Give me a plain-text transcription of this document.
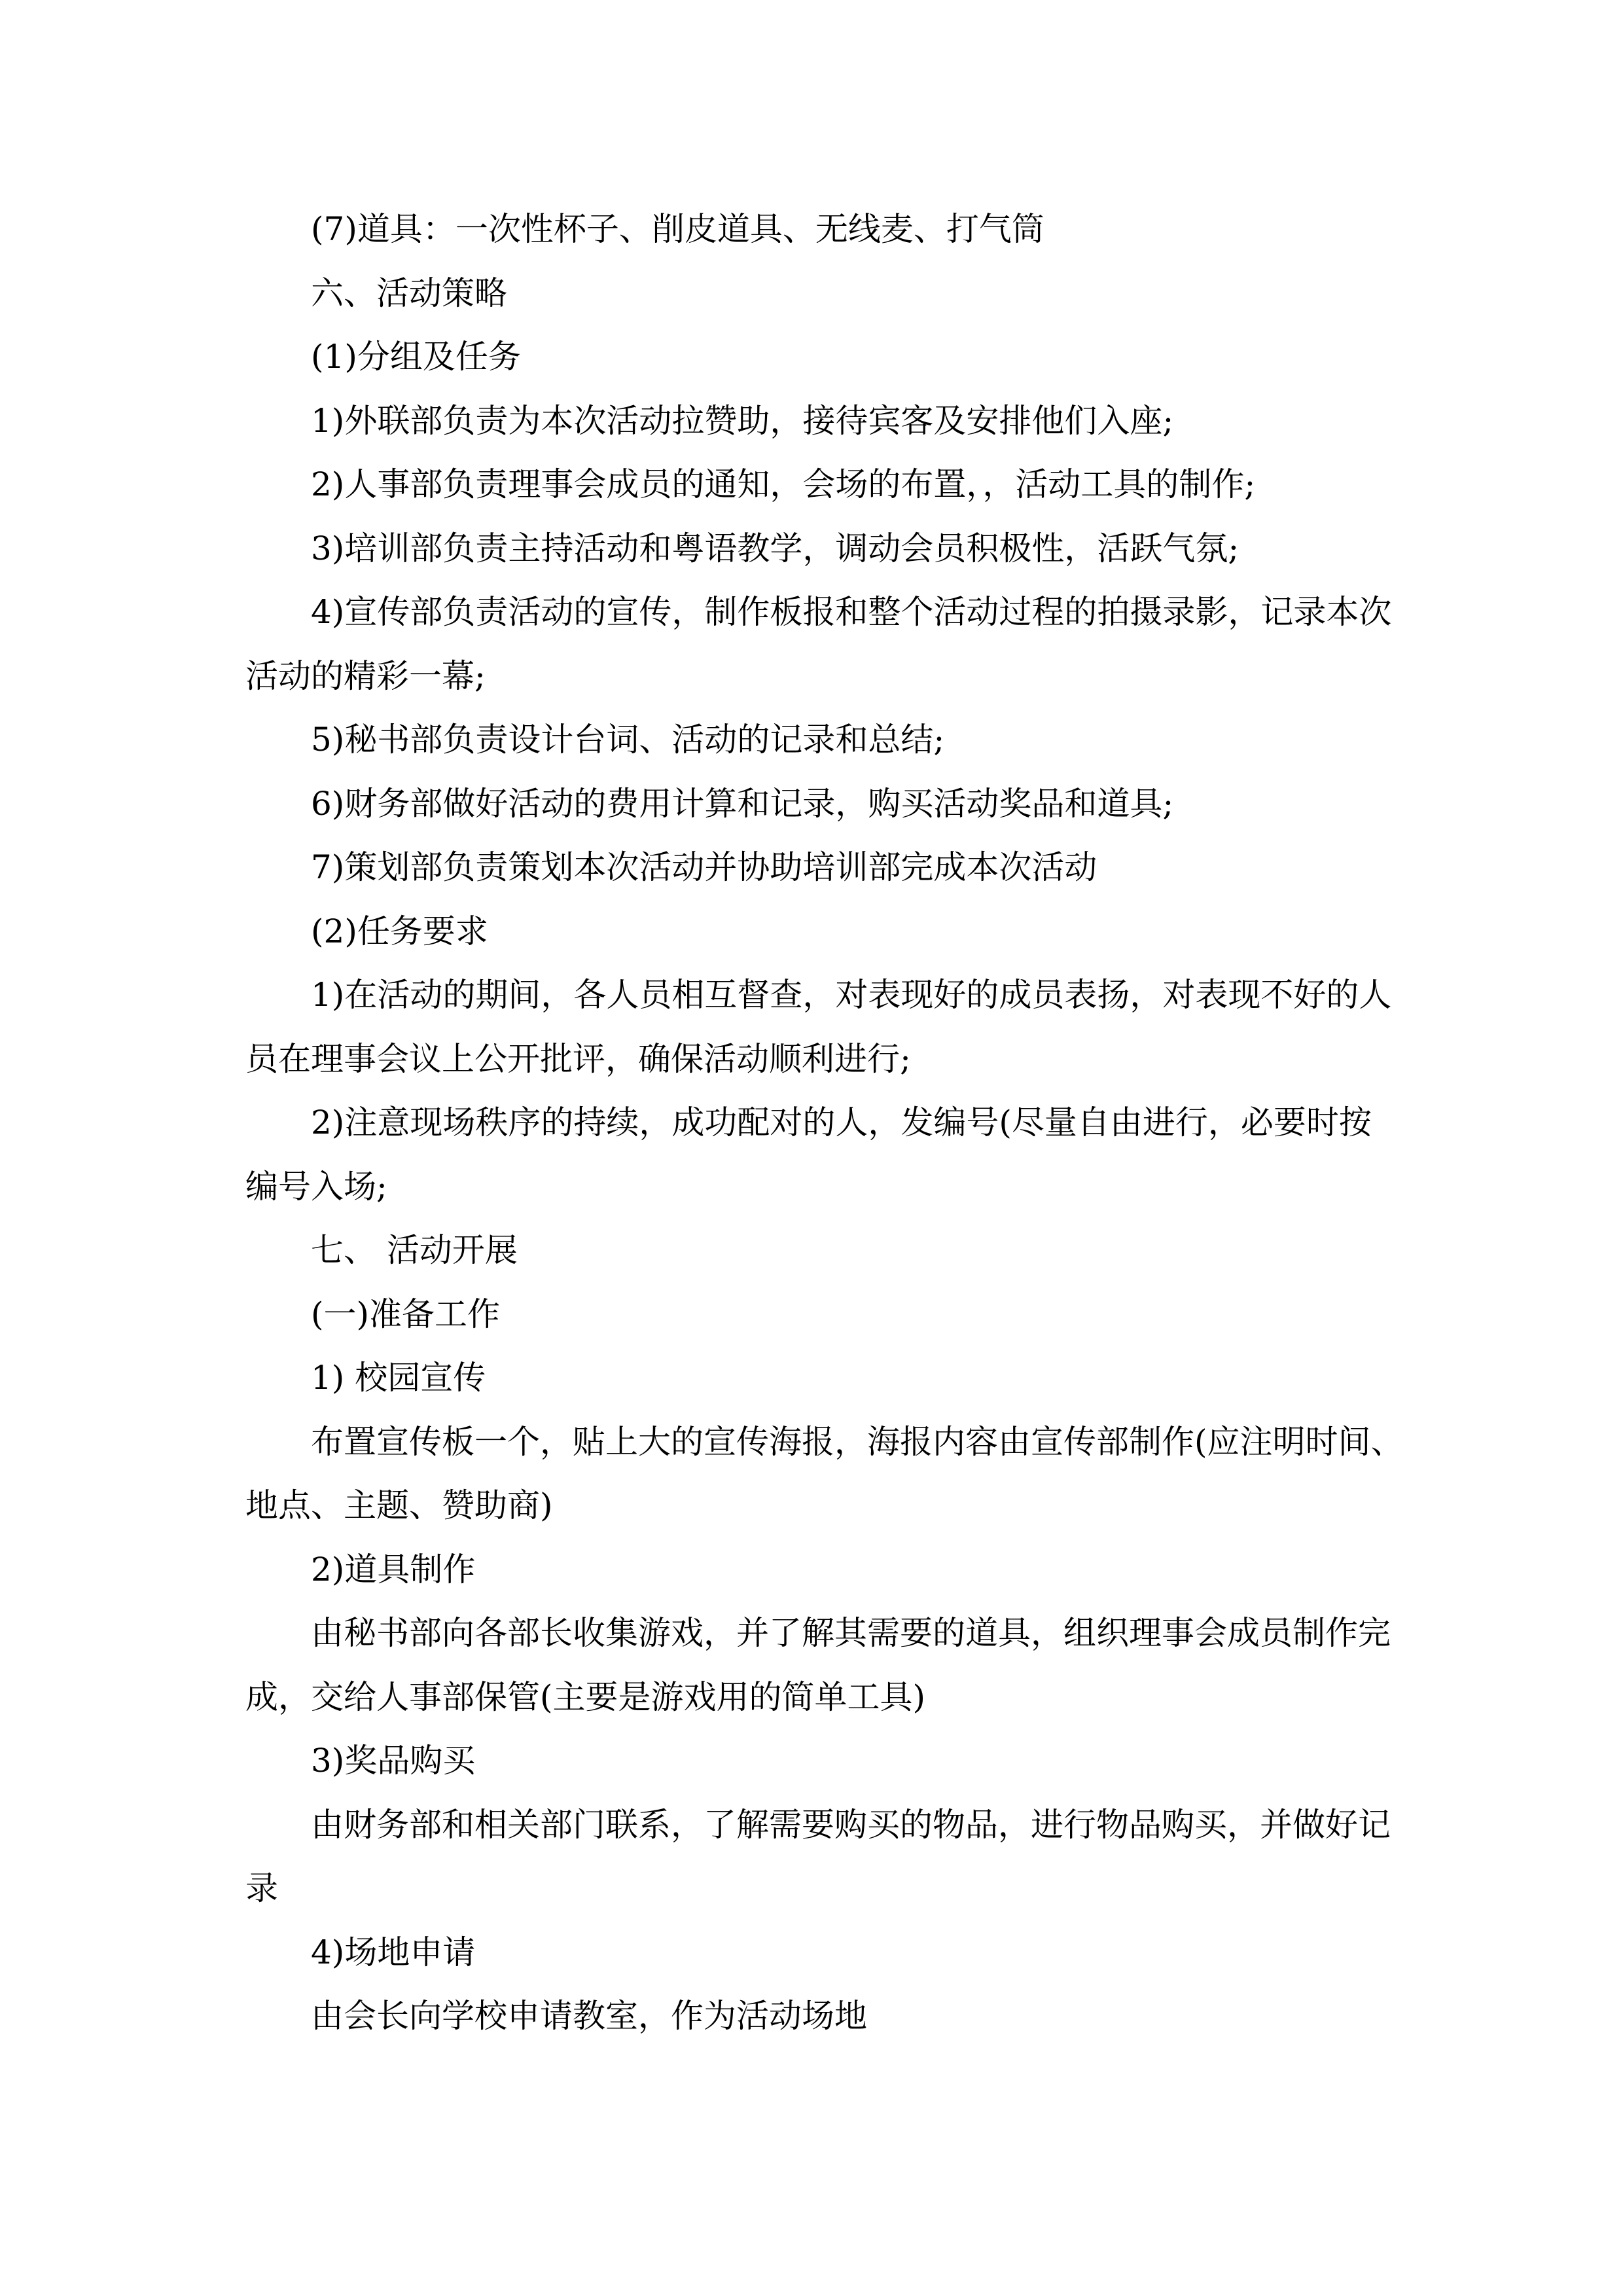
(7)道具：一次性杯子、削皮道具、无线麦、打气筒
六、活动策略
(1)分组及任务
1)外联部负责为本次活动拉赞助，接待宾客及安排他们入座;
2)人事部负责理事会成员的通知，会场的布置，，活动工具的制作;
3)培训部负责主持活动和粤语教学，调动会员积极性，活跃气氛;
4)宣传部负责活动的宣传，制作板报和整个活动过程的拍摄录影，记录本次
活动的精彩一幕;
5)秘书部负责设计台词、活动的记录和总结;
6)财务部做好活动的费用计算和记录，购买活动奖品和道具;
7)策划部负责策划本次活动并协助培训部完成本次活动
(2)任务要求
1)在活动的期间，各人员相互督查，对表现好的成员表扬，对表现不好的人
员在理事会议上公开批评，确保活动顺利进行;
2)注意现场秩序的持续，成功配对的人，发编号(尽量自由进行，必要时按
编号入场;
七、 活动开展
(一)准备工作
1) 校园宣传
布置宣传板一个，贴上大的宣传海报，海报内容由宣传部制作(应注明时间、
地点、主题、赞助商)
2)道具制作
由秘书部向各部长收集游戏，并了解其需要的道具，组织理事会成员制作完
成，交给人事部保管(主要是游戏用的简单工具)
3)奖品购买
由财务部和相关部门联系，了解需要购买的物品，进行物品购买，并做好记
录
4)场地申请
由会长向学校申请教室，作为活动场地
